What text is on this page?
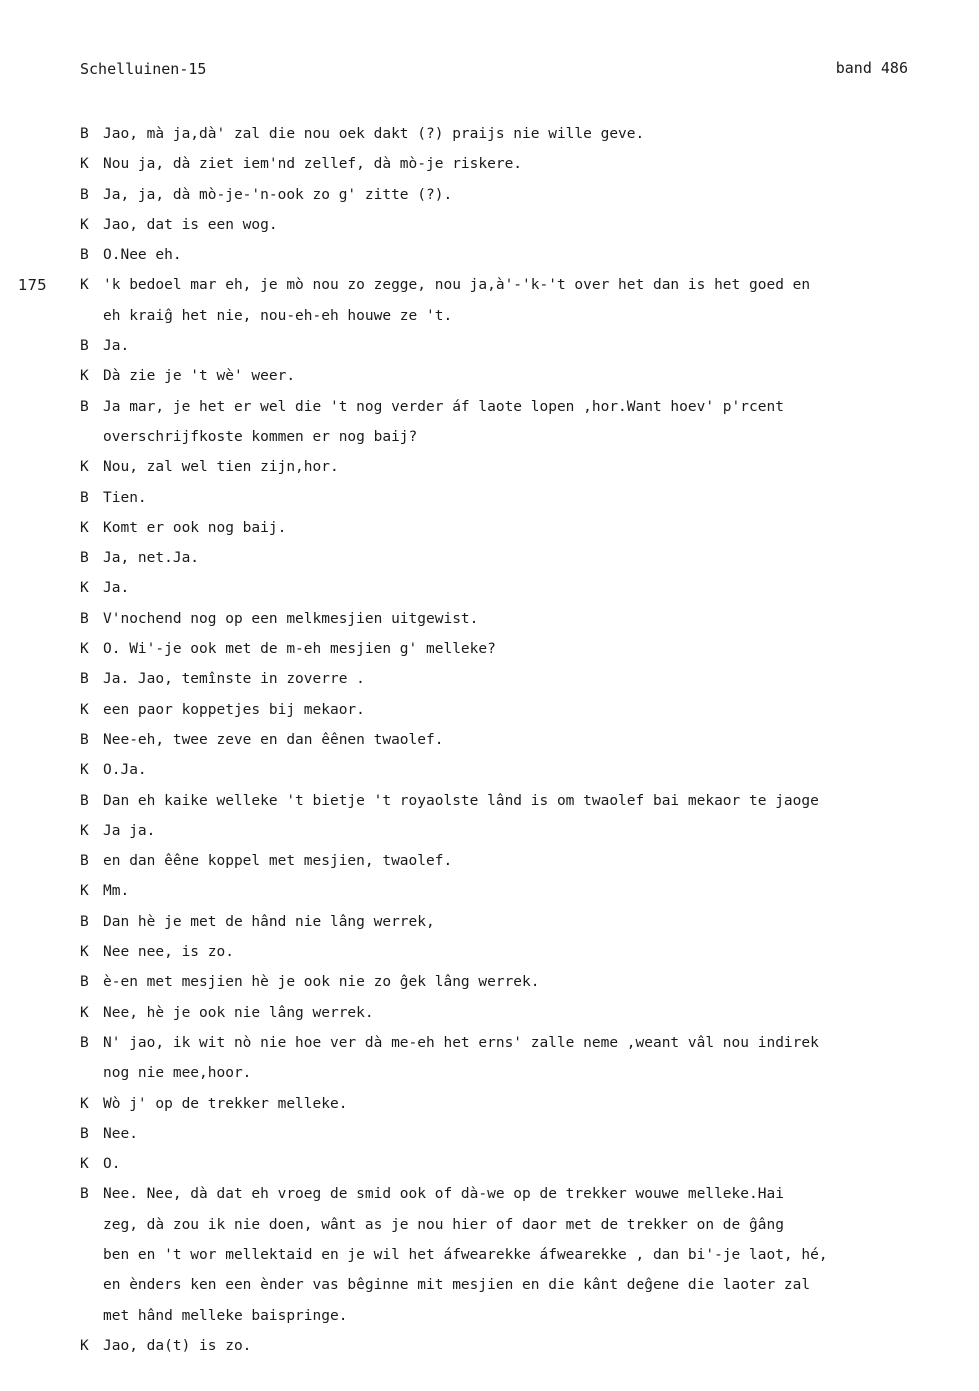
Schelluinen-15	band 486
B Jao, mà ja,dà' zal die nou oek dakt (?) praijs nie wille geve.
K Nou ja, dà ziet iem'nd zellef, dà mò-je riskere.
B Ja, ja, dà mò-je-'n-ook zo g' zitte (?).
K Jao, dat is een wog.
B O.Nee eh.
175 K 'k bedoel mar eh, je mò nou zo zegge, nou ja,à'-'k-'t over het dan is het goed en
eh kraiĝ het nie, nou-eh-eh houwe ze 't.
B Ja.
K Dà zie je 't wè' weer.
B Ja mar, je het er wel die 't nog verder áf laote lopen ,hor.Want hoev' p'rcent
overschrijfkoste kommen er nog baij?
K Nou, zal wel tien zijn,hor.
B Tien.
K Komt er ook nog baij.
B Ja, net.Ja.
K Ja.
B V'nochend nog op een melkmesjien uitgewist.
K O. Wi'-je ook met de m-eh mesjien g' melleke?
B Ja. Jao, temînste in zoverre .
K een paor koppetjes bij mekaor.
B Nee-eh, twee zeve en dan êênen twaolef.
K O.Ja.
B Dan eh kaike welleke 't bietje 't royaolste lând is om twaolef bai mekaor te jaoge
K Ja ja.
B en dan êêne koppel met mesjien, twaolef.
K Mm.
B Dan hè je met de hând nie lâng werrek,
K Nee nee, is zo.
B è-en met mesjien hè je ook nie zo ĝek lâng werrek.
K Nee, hè je ook nie lâng werrek.
B N' jao, ik wit nò nie hoe ver dà me-eh het erns' zalle neme ,weant vâl nou indirek
nog nie mee,hoor.
K Wò j' op de trekker melleke.
B Nee.
K O.
B Nee. Nee, dà dat eh vroeg de smid ook of dà-we op de trekker wouwe melleke.Hai
zeg, dà zou ik nie doen, wânt as je nou hier of daor met de trekker on de ĝâng
ben en 't wor mellektaid en je wil het áfwearekke áfwearekke , dan bi'-je laot, hé,
en ènders ken een ènder vas bêginne mit mesjien en die kânt deĝene die laoter zal
met hând melleke baispringe.
K Jao, da(t) is zo.
